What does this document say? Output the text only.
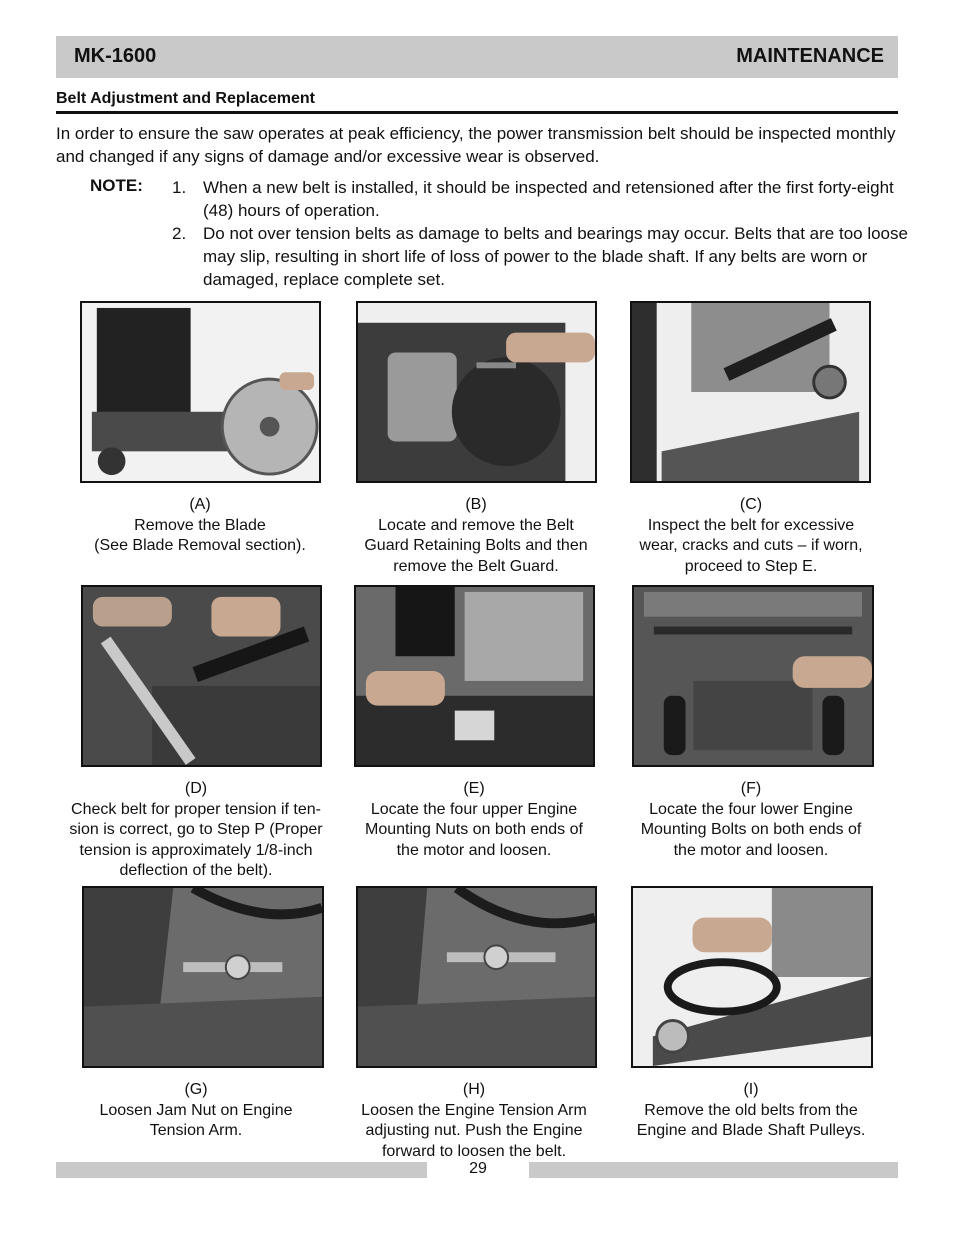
MK-1600	MAINTENANCE
Belt Adjustment and Replacement
In order to ensure the saw operates at peak efficiency, the power transmission belt should be inspected monthly and changed if any signs of damage and/or excessive wear is observed.
NOTE: 1. When a new belt is installed, it should be inspected and retensioned after the first forty-eight (48) hours of operation.
2. Do not over tension belts as damage to belts and bearings may occur. Belts that are too loose may slip, resulting in short life of loss of power to the blade shaft. If any belts are worn or damaged, replace complete set.
(A)
Remove the Blade
(See Blade Removal section).
(B)
Locate and remove the Belt
Guard Retaining Bolts and then
remove the Belt Guard.
(C)
Inspect the belt for excessive
wear, cracks and cuts – if worn,
proceed to Step E.
(D)
Check belt for proper tension if ten-
sion is correct, go to Step P (Proper
tension is approximately 1/8-inch
deflection of the belt).
(E)
Locate the four upper Engine
Mounting Nuts on both ends of
the motor and loosen.
(F)
Locate the four lower Engine
Mounting Bolts on both ends of
the motor and loosen.
(G)
Loosen Jam Nut on Engine
Tension Arm.
(H)
Loosen the Engine Tension Arm
adjusting nut. Push the Engine
forward to loosen the belt.
(I)
Remove the old belts from the
Engine and Blade Shaft Pulleys.
29
